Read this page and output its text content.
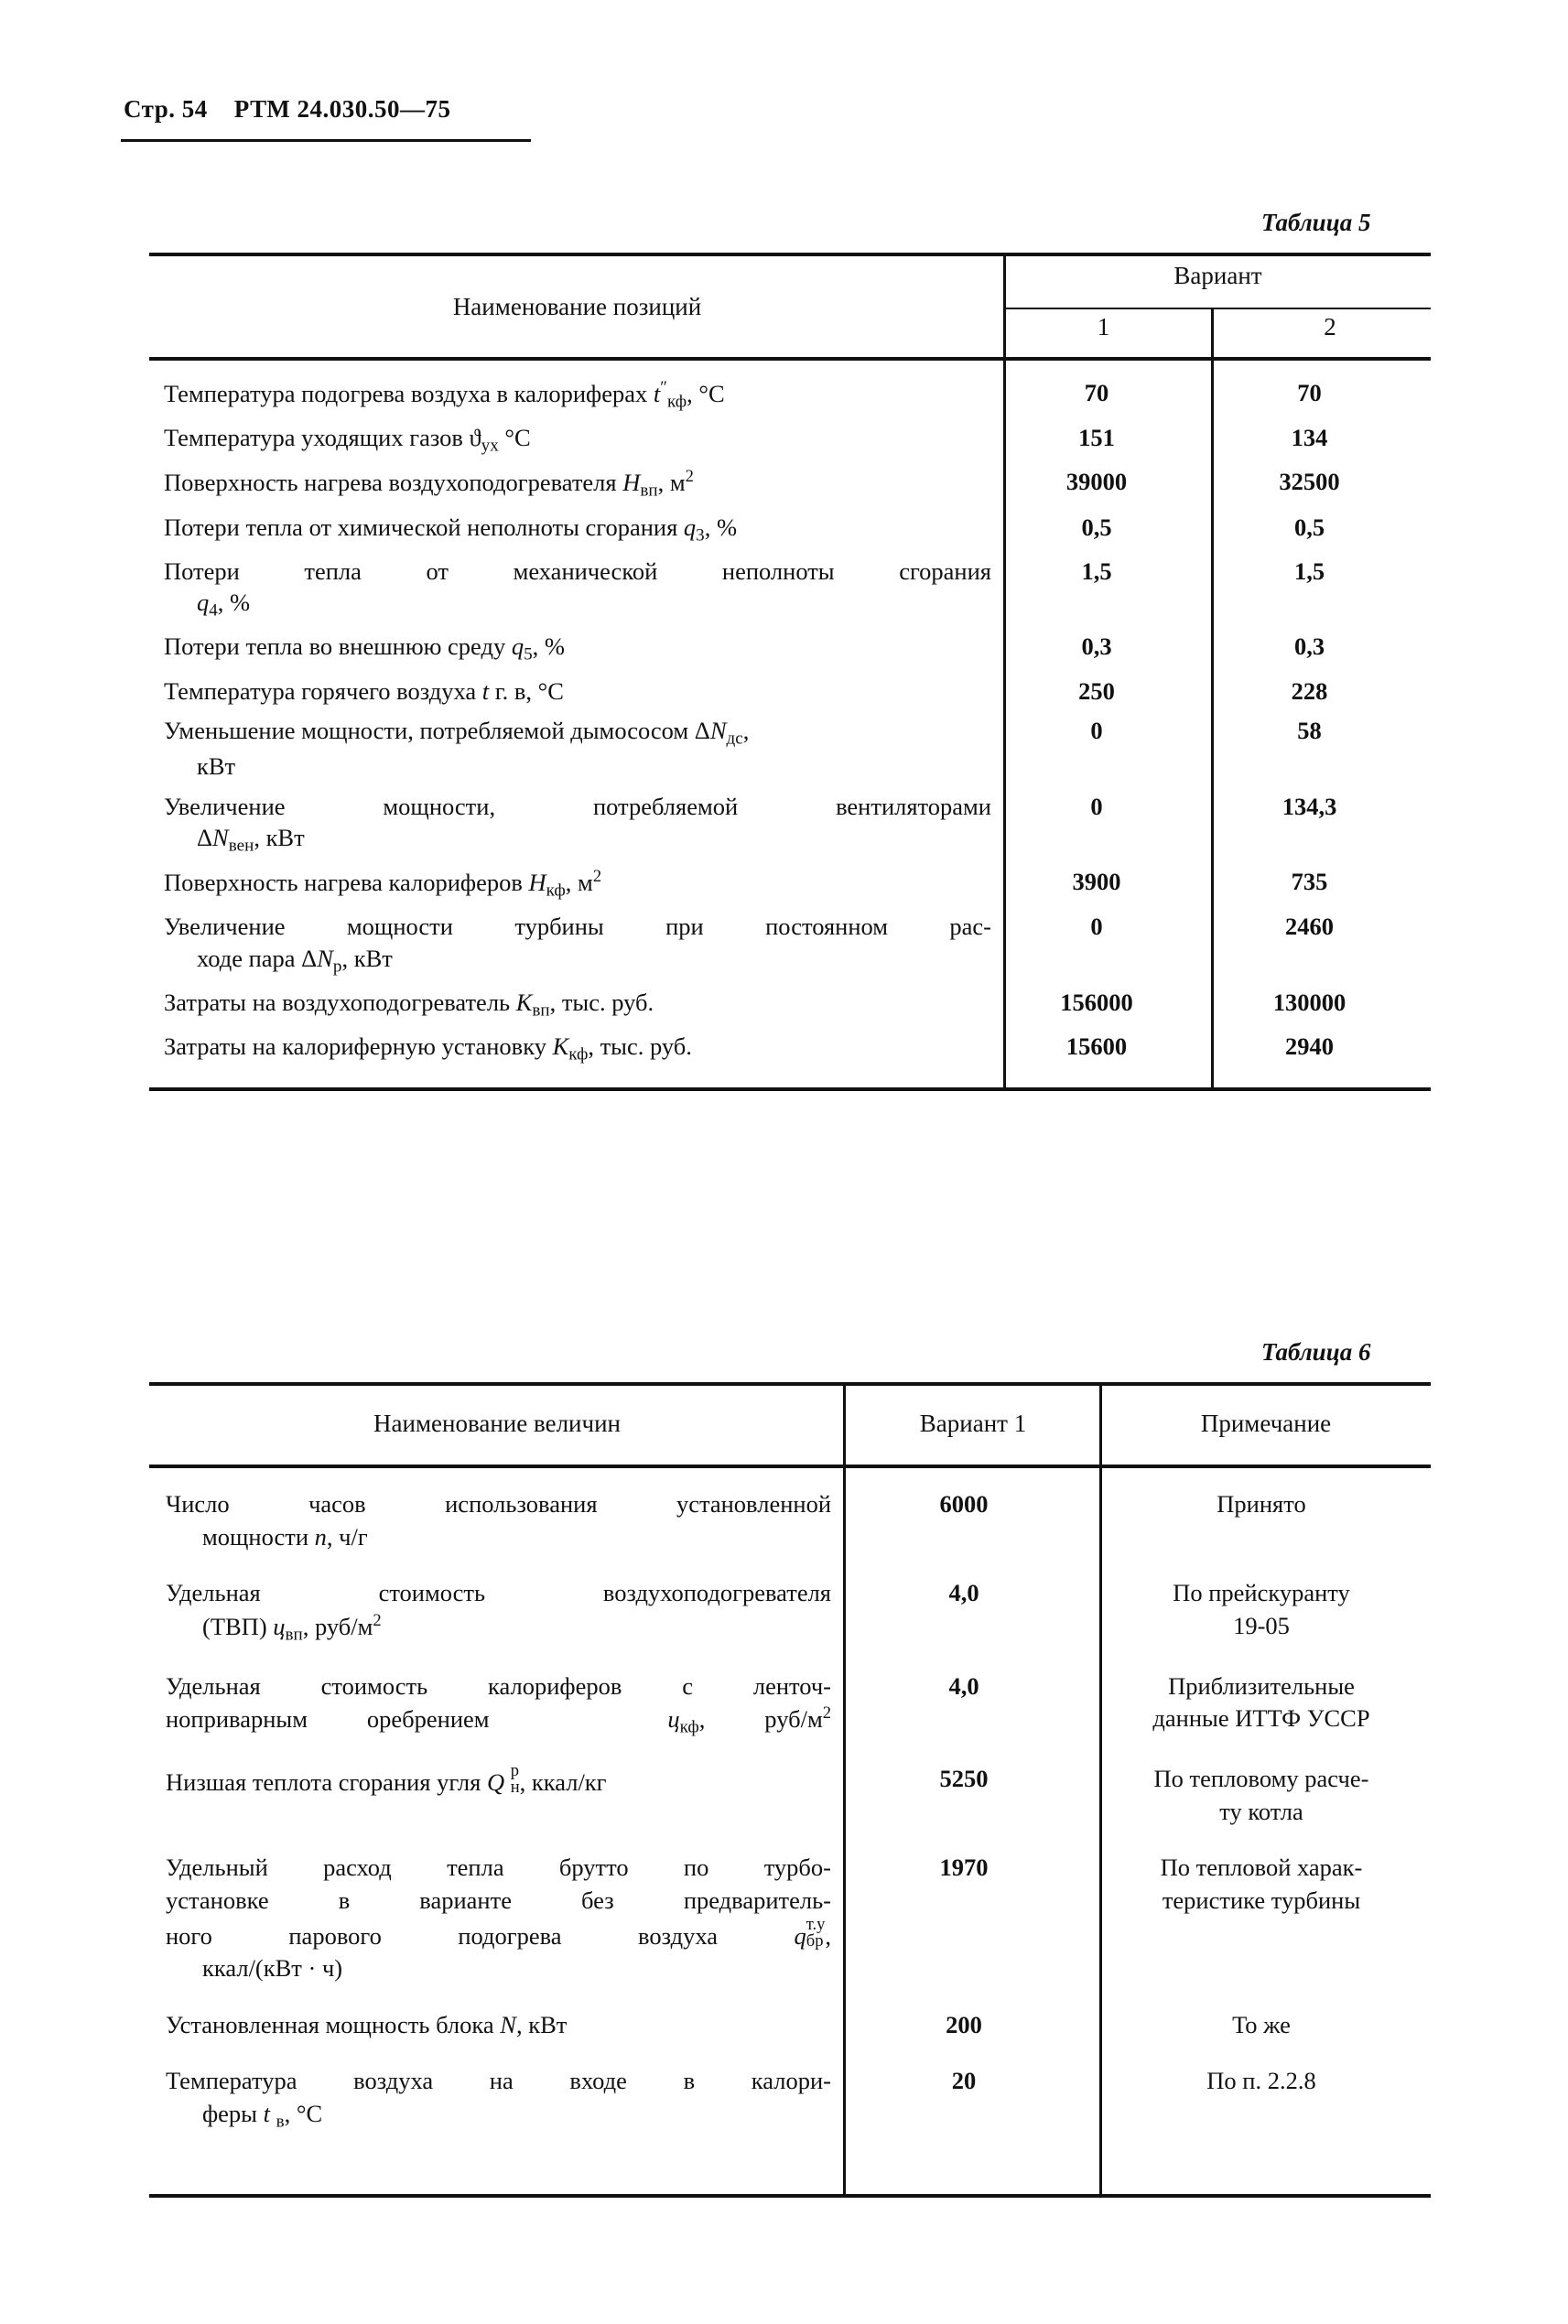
Стр. 54 РТМ 24.030.50—75
Таблица 5
Наименование позиций
Вариант
1	2
Температура подогрева воздуха в калориферах $t''_{кф}$, °С	70	70
Температура уходящих газов $ϑ_{ух}$ °С	151	134
Поверхность нагрева воздухоподогревателя $Н_{вп}$, $м^2$	39000	32500
Потери тепла от химической неполноты сгорания $q_3$, %	0,5	0,5
Потери тепла от механической неполноты сгорания
$q_4$, %
1,5	1,5
Потери тепла во внешнюю среду $q_5$, %	0,3	0,3
Температура горячего воздуха t г. в, °С	250	228
Уменьшение мощности, потребляемой дымососом $\Delta N_{дс}$,
кВт
0	58
Увеличение мощности, потребляемой вентиляторами
$\Delta N_{вен}$, кВт
0	134,3
Поверхность нагрева калориферов $Н_{кф}$, $м^2$	3900	735
Увеличение мощности турбины при постоянном рас-
ходе пара $\Delta N_р$, кВт
0	2460
Затраты на воздухоподогреватель $К_{вп}$, тыс. руб.	156000	130000
Затраты на калориферную установку $К_{кф}$, тыс. руб.	15600	2940
Таблица 6
Наименование величин	Вариант 1	Примечание
Число часов использования установленной
мощности n, ч/г
6000	Принято
Удельная стоимость воздухоподогревателя
(ТВП) $ц_{вп}$, руб/$м^2$
4,0	По прейскуранту
19-05
Удельная стоимость калориферов с ленточ-
ноприварным оребрением   $ц_{кф}$, руб/$м^2$
4,0	Приблизительные
данные ИТТФ УССР
Низшая теплота сгорания угля Q р
н , ккал/кг	5250	По тепловому расче-
ту котла
Удельный расход тепла брутто по турбо-
установке в варианте без предваритель-
ного парового подогрева воздуха q т.у
бр ,
ккал/(кВт · ч)
1970	По тепловой харак-
теристике турбины
Установленная мощность блока N, кВт	200	То же
Температура воздуха на входе в калори-
феры t $_в$, °С
20	По п. 2.2.8
